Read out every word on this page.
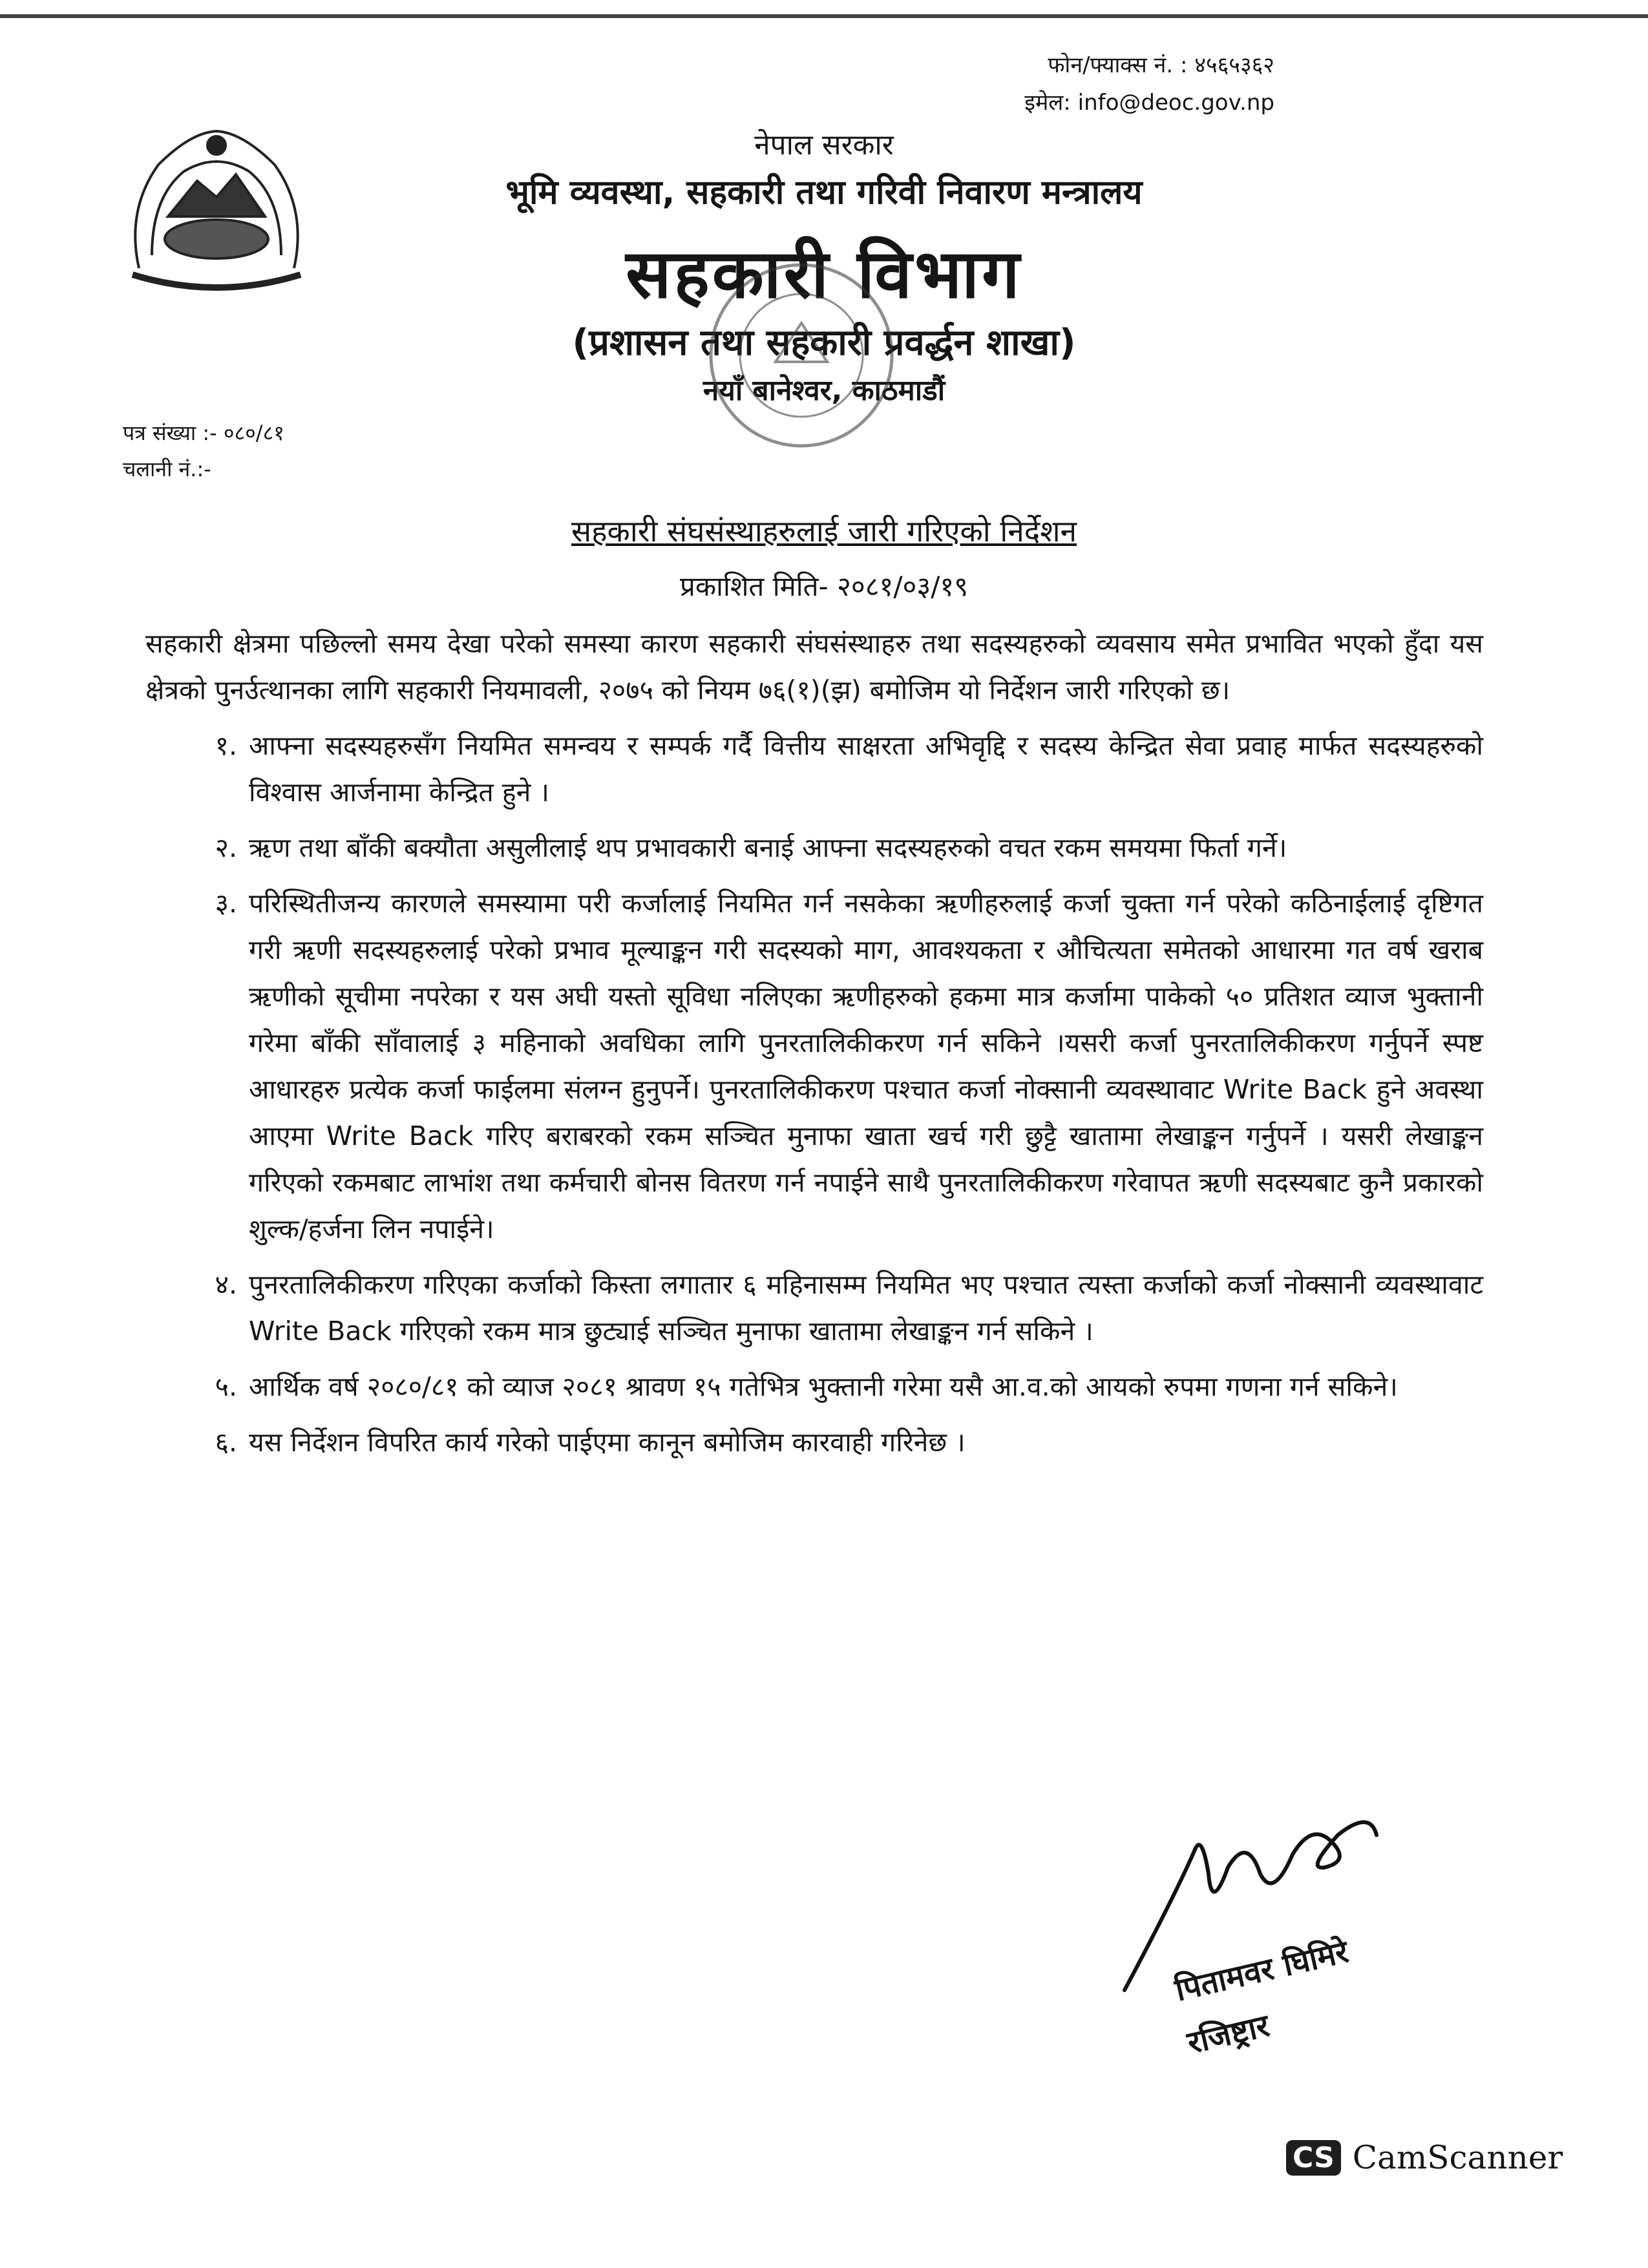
फोन/फ्याक्स नं. : ४५६५३६२
इमेल: info@deoc.gov.np
नेपाल सरकार
भूमि व्यवस्था, सहकारी तथा गरिवी निवारण मन्त्रालय
सहकारी विभाग
(प्रशासन तथा सहकारी प्रवर्द्धन शाखा)
नयाँ बानेश्वर, काठमाडौं
पत्र संख्या :- ०८०/८१
चलानी नं.:-
सहकारी संघसंस्थाहरुलाई जारी गरिएको निर्देशन
प्रकाशित मिति- २०८१/०३/१९

सहकारी क्षेत्रमा पछिल्लो समय देखा परेको समस्या कारण सहकारी संघसंस्थाहरु तथा सदस्यहरुको व्यवसाय समेत प्रभावित भएको हुँदा यस क्षेत्रको पुनर्उत्थानका लागि सहकारी नियमावली, २०७५ को नियम ७६(१)(झ) बमोजिम यो निर्देशन जारी गरिएको छ।

१. आफ्ना सदस्यहरुसँग नियमित समन्वय र सम्पर्क गर्दै वित्तीय साक्षरता अभिवृद्दि र सदस्य केन्द्रित सेवा प्रवाह मार्फत सदस्यहरुको विश्वास आर्जनामा केन्द्रित हुने ।
२. ऋण तथा बाँकी बक्यौता असुलीलाई थप प्रभावकारी बनाई आफ्ना सदस्यहरुको वचत रकम समयमा फिर्ता गर्ने।
३. परिस्थितीजन्य कारणले समस्यामा परी कर्जालाई नियमित गर्न नसकेका ऋणीहरुलाई कर्जा चुक्ता गर्न परेको कठिनाईलाई दृष्टिगत गरी ऋणी सदस्यहरुलाई परेको प्रभाव मूल्याङ्कन गरी सदस्यको माग, आवश्यकता र औचित्यता समेतको आधारमा गत वर्ष खराब ऋणीको सूचीमा नपरेका र यस अघी यस्तो सूविधा नलिएका ऋणीहरुको हकमा मात्र कर्जामा पाकेको ५० प्रतिशत व्याज भुक्तानी गरेमा बाँकी साँवालाई ३ महिनाको अवधिका लागि पुनरतालिकीकरण गर्न सकिने ।यसरी कर्जा पुनरतालिकीकरण गर्नुपर्ने स्पष्ट आधारहरु प्रत्येक कर्जा फाईलमा संलग्न हुनुपर्ने। पुनरतालिकीकरण पश्चात कर्जा नोक्सानी व्यवस्थावाट Write Back हुने अवस्था आएमा Write Back गरिए बराबरको रकम सञ्चित मुनाफा खाता खर्च गरी छुट्टै खातामा लेखाङ्कन गर्नुपर्ने । यसरी लेखाङ्कन गरिएको रकमबाट लाभांश तथा कर्मचारी बोनस वितरण गर्न नपाईने साथै पुनरतालिकीकरण गरेवापत ऋणी सदस्यबाट कुनै प्रकारको शुल्क/हर्जना लिन नपाईने।
४. पुनरतालिकीकरण गरिएका कर्जाको किस्ता लगातार ६ महिनासम्म नियमित भए पश्चात त्यस्ता कर्जाको कर्जा नोक्सानी व्यवस्थावाट Write Back गरिएको रकम मात्र छुट्याई सञ्चित मुनाफा खातामा लेखाङ्कन गर्न सकिने ।
५. आर्थिक वर्ष २०८०/८१ को व्याज २०८१ श्रावण १५ गतेभित्र भुक्तानी गरेमा यसै आ.व.को आयको रुपमा गणना गर्न सकिने।
६. यस निर्देशन विपरित कार्य गरेको पाईएमा कानून बमोजिम कारवाही गरिनेछ ।
पितामवर घिमिरे
रजिष्ट्रार
CS CamScanner
